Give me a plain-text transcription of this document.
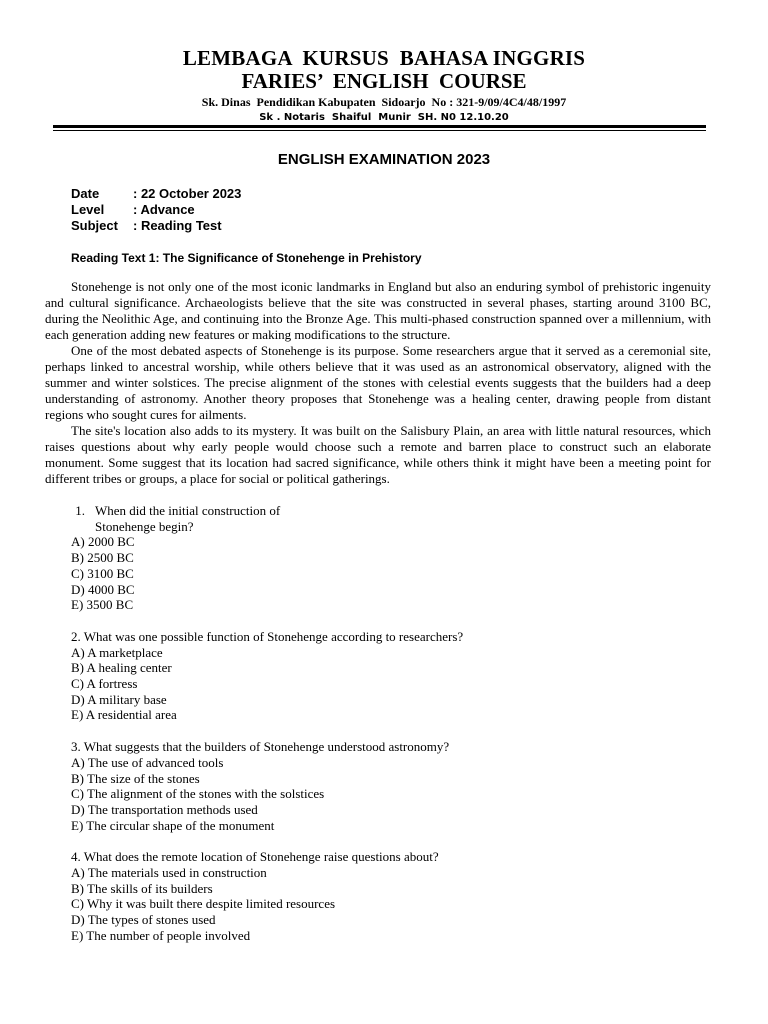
LEMBAGA  KURSUS  BAHASA INGGRIS
FARIES’  ENGLISH  COURSE
Sk. Dinas  Pendidikan Kabupaten  Sidoarjo  No : 321-9/09/4C4/48/1997
Sk . Notaris  Shaiful  Munir  SH. N0 12.10.20
ENGLISH EXAMINATION 2023
Date	: 22 October 2023
Level : Advance
Subject : Reading Test
Reading Text 1: The Significance of Stonehenge in Prehistory

Stonehenge is not only one of the most iconic landmarks in England but also an enduring symbol of prehistoric ingenuity and cultural significance. Archaeologists believe that the site was constructed in several phases, starting around 3100 BC, during the Neolithic Age, and continuing into the Bronze Age. This multi-phased construction spanned over a millennium, with each generation adding new features or making modifications to the structure.

One of the most debated aspects of Stonehenge is its purpose. Some researchers argue that it served as a ceremonial site, perhaps linked to ancestral worship, while others believe that it was used as an astronomical observatory, aligned with the summer and winter solstices. The precise alignment of the stones with celestial events suggests that the builders had a deep understanding of astronomy. Another theory proposes that Stonehenge was a healing center, drawing people from distant regions who sought cures for ailments.

The site's location also adds to its mystery. It was built on the Salisbury Plain, an area with little natural resources, which raises questions about why early people would choose such a remote and barren place to construct such an elaborate monument. Some suggest that its location had sacred significance, while others think it might have been a meeting point for different tribes or groups, a place for social or political gatherings.

1. When did the initial construction of Stonehenge begin?
A) 2000 BC
B) 2500 BC
C) 3100 BC
D) 4000 BC
E) 3500 BC
2. What was one possible function of Stonehenge according to researchers?
A) A marketplace
B) A healing center
C) A fortress
D) A military base
E) A residential area
3. What suggests that the builders of Stonehenge understood astronomy?
A) The use of advanced tools
B) The size of the stones
C) The alignment of the stones with the solstices
D) The transportation methods used
E) The circular shape of the monument
4. What does the remote location of Stonehenge raise questions about?
A) The materials used in construction
B) The skills of its builders
C) Why it was built there despite limited resources
D) The types of stones used
E) The number of people involved
